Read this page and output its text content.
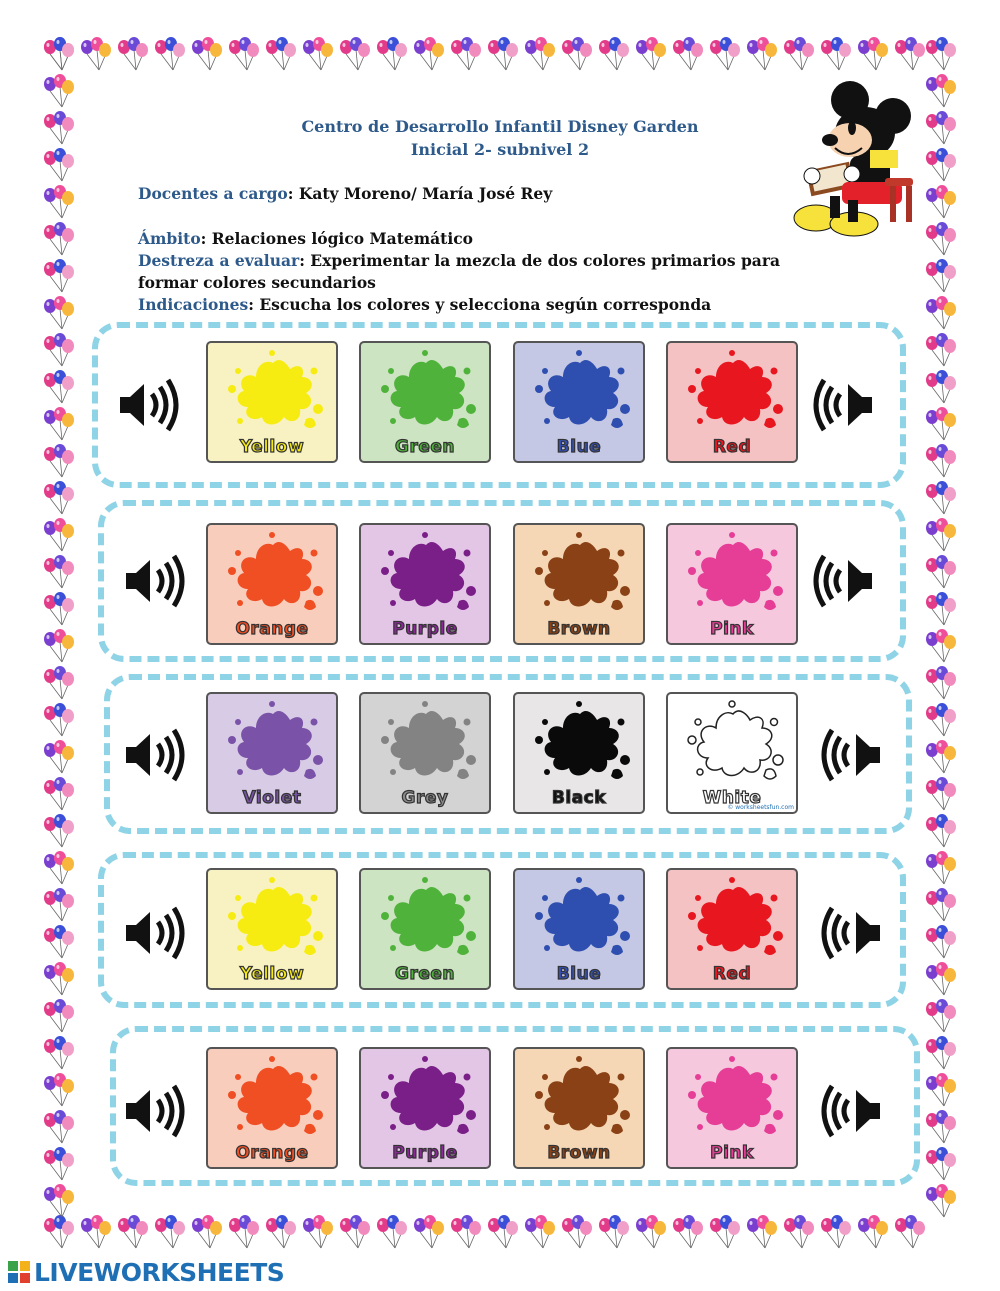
Centro de Desarrollo Infantil Disney Garden
Inicial 2- subnivel 2
Docentes a cargo: Katy Moreno/ María José Rey
Ámbito: Relaciones lógico Matemático
Destreza a evaluar: Experimentar la mezcla de dos colores primarios para formar colores secundarios
Indicaciones: Escucha los colores y selecciona según corresponda
Yellow	Green	Blue	Red
Orange	Purple	Brown	Pink
Violet	Grey	Black	White
© worksheetsfun.com
Yellow	Green	Blue	Red
Orange	Purple	Brown	Pink
LIVEWORKSHEETS
